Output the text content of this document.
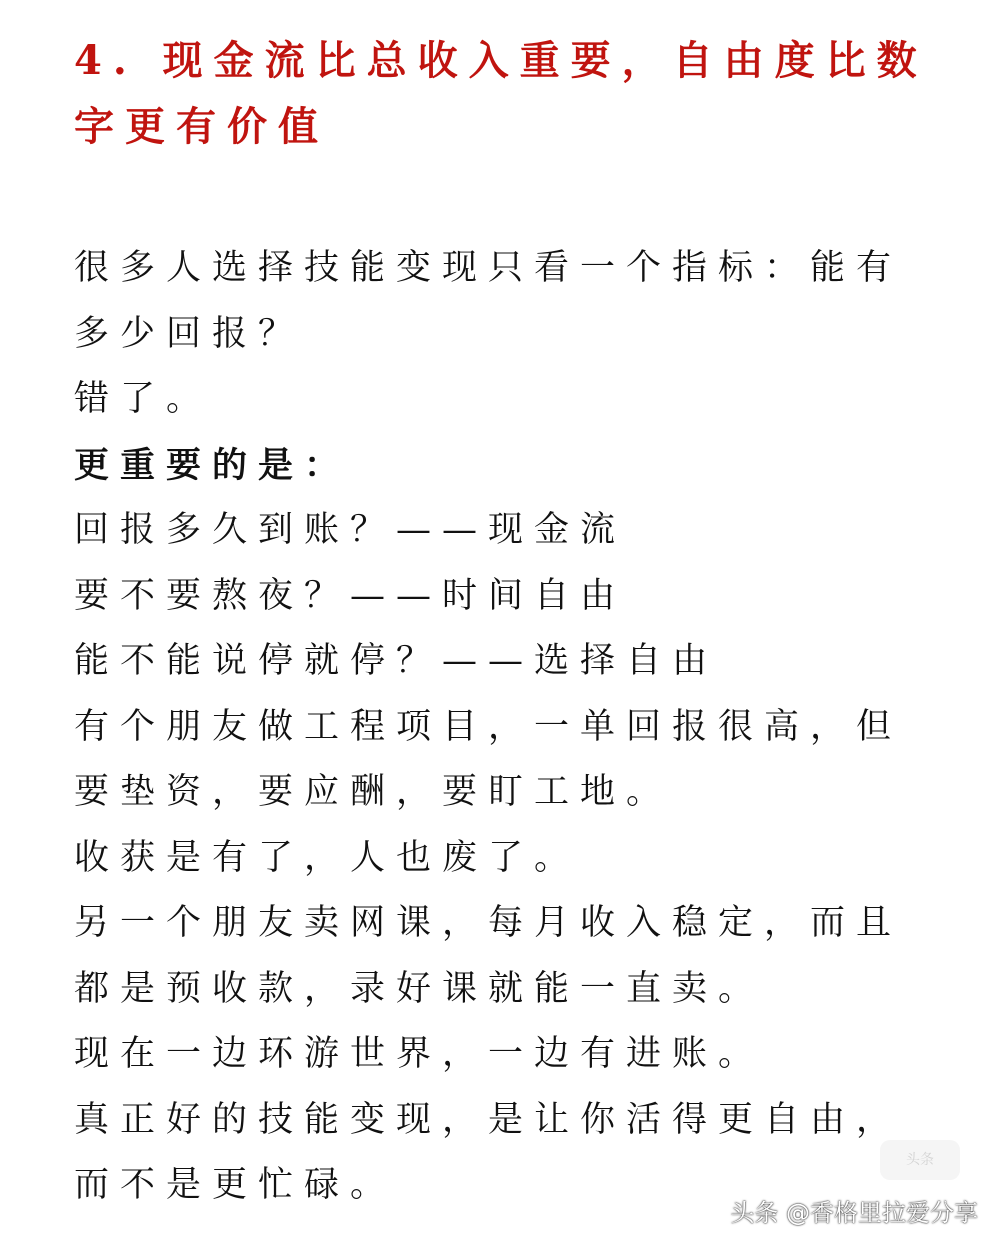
4. 现金流比总收入重要，自由度比数字更有价值

很多人选择技能变现只看一个指标：能有多少回报？

错了。

更重要的是：

回报多久到账？——现金流

要不要熬夜？——时间自由

能不能说停就停？——选择自由

有个朋友做工程项目，一单回报很高，但要垫资，要应酬，要盯工地。

收获是有了，人也废了。

另一个朋友卖网课，每月收入稳定，而且都是预收款，录好课就能一直卖。

现在一边环游世界，一边有进账。

真正好的技能变现，是让你活得更自由，而不是更忙碌。

头条
头条 @香格里拉爱分享
